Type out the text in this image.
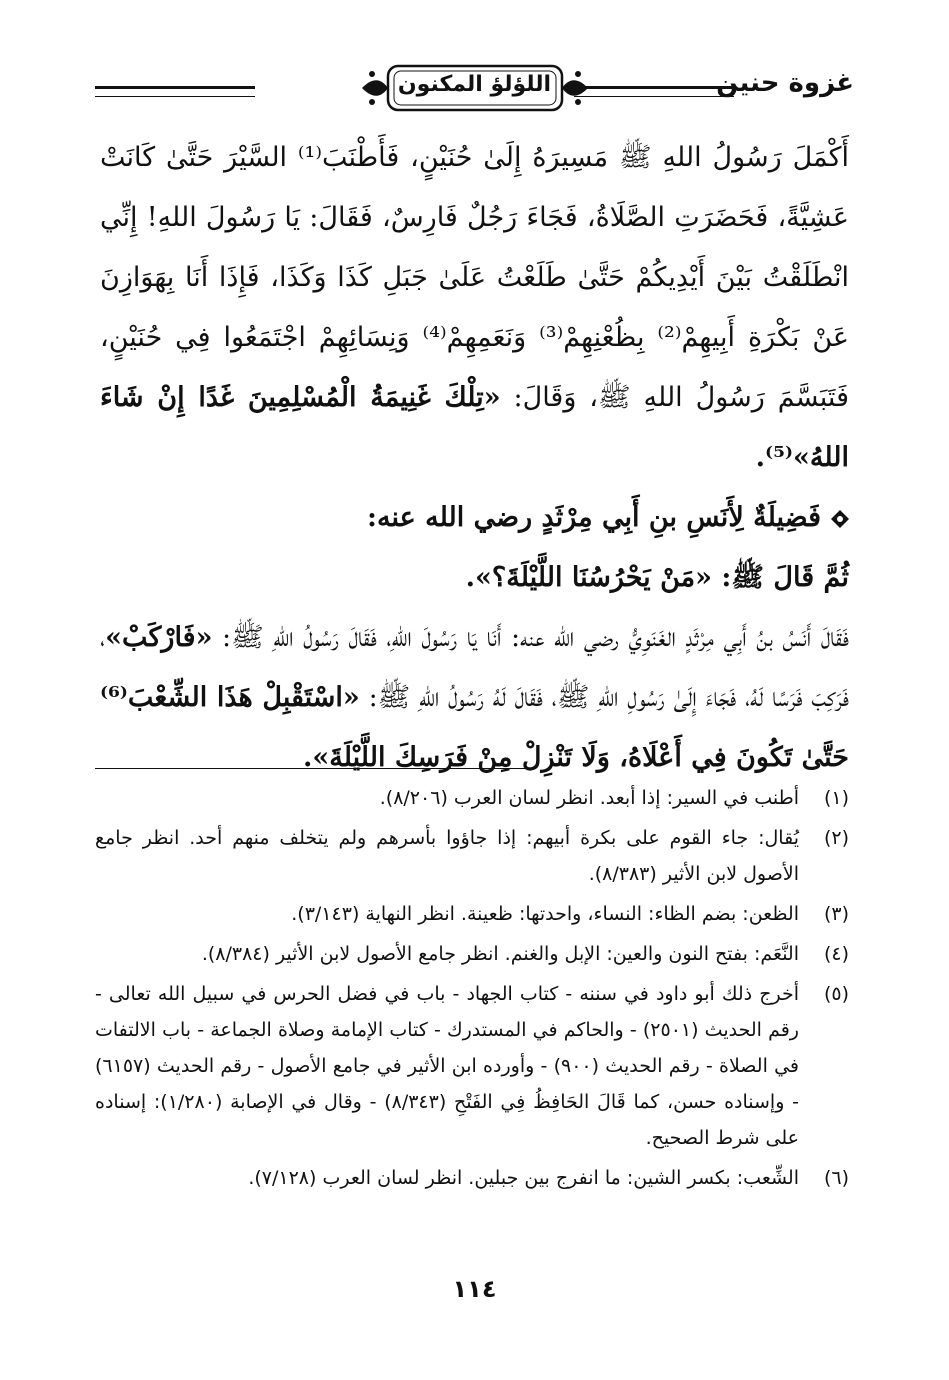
غزوة حنين
اللؤلؤ المكنون

أَكْمَلَ رَسُولُ اللهِ ﷺ مَسِيرَهُ إِلَىٰ حُنَيْنٍ، فَأَطْنَبَ⁽¹⁾ السَّيْرَ حَتَّىٰ كَانَتْ عَشِيَّةً، فَحَضَرَتِ الصَّلَاةُ، فَجَاءَ رَجُلٌ فَارِسٌ، فَقَالَ: يَا رَسُولَ اللهِ! إِنِّي انْطَلَقْتُ بَيْنَ أَيْدِيكُمْ حَتَّىٰ طَلَعْتُ عَلَىٰ جَبَلِ كَذَا وَكَذَا، فَإِذَا أَنَا بِهَوَازِنَ عَنْ بَكْرَةِ أَبِيهِمْ⁽²⁾ بِظُعْنِهِمْ⁽³⁾ وَنَعَمِهِمْ⁽⁴⁾ وَنِسَائِهِمْ اجْتَمَعُوا فِي حُنَيْنٍ، فَتَبَسَّمَ رَسُولُ اللهِ ﷺ، وَقَالَ: «تِلْكَ غَنِيمَةُ الْمُسْلِمِينَ غَدًا إِنْ شَاءَ اللهُ»⁽⁵⁾.

فَضِيلَةٌ لِأَنَسِ بنِ أَبِي مِرْثَدٍ رضي الله عنه:

ثُمَّ قَالَ ﷺ: «مَنْ يَحْرُسُنَا اللَّيْلَةَ؟».

فَقَالَ أَنَسُ بنُ أَبِي مِرْثَدٍ الغَنَوِيُّ رضي الله عنه: أَنَا يَا رَسُولَ اللهِ، فَقَالَ رَسُولُ اللهِ ﷺ: «فَارْكَبْ»، فَرَكِبَ فَرَسًا لَهُ، فَجَاءَ إِلَىٰ رَسُولِ اللهِ ﷺ، فَقَالَ لَهُ رَسُولُ اللهِ ﷺ: «اسْتَقْبِلْ هَذَا الشِّعْبَ⁽⁶⁾ حَتَّىٰ تَكُونَ فِي أَعْلَاهُ، وَلَا تَنْزِلْ مِنْ فَرَسِكَ اللَّيْلَةَ».

(١)
أطنب في السير: إذا أبعد. انظر لسان العرب (٨/٢٠٦).
(٢)
يُقال: جاء القوم على بكرة أبيهم: إذا جاؤوا بأسرهم ولم يتخلف منهم أحد. انظر جامع الأصول لابن الأثير (٨/٣٨٣).
(٣)
الظعن: بضم الظاء: النساء، واحدتها: ظعينة. انظر النهاية (٣/١٤٣).
(٤)
النَّعَم: بفتح النون والعين: الإبل والغنم. انظر جامع الأصول لابن الأثير (٨/٣٨٤).
(٥)
أخرج ذلك أبو داود في سننه - كتاب الجهاد - باب في فضل الحرس في سبيل الله تعالى - رقم الحديث (٢٥٠١) - والحاكم في المستدرك - كتاب الإمامة وصلاة الجماعة - باب الالتفات في الصلاة - رقم الحديث (٩٠٠) - وأورده ابن الأثير في جامع الأصول - رقم الحديث (٦١٥٧) - وإسناده حسن، كما قَالَ الحَافِظُ فِي الفَتْحِ (٨/٣٤٣) - وقال في الإصابة (١/٢٨٠): إسناده على شرط الصحيح.
(٦)
الشِّعب: بكسر الشين: ما انفرج بين جبلين. انظر لسان العرب (٧/١٢٨).
١١٤
